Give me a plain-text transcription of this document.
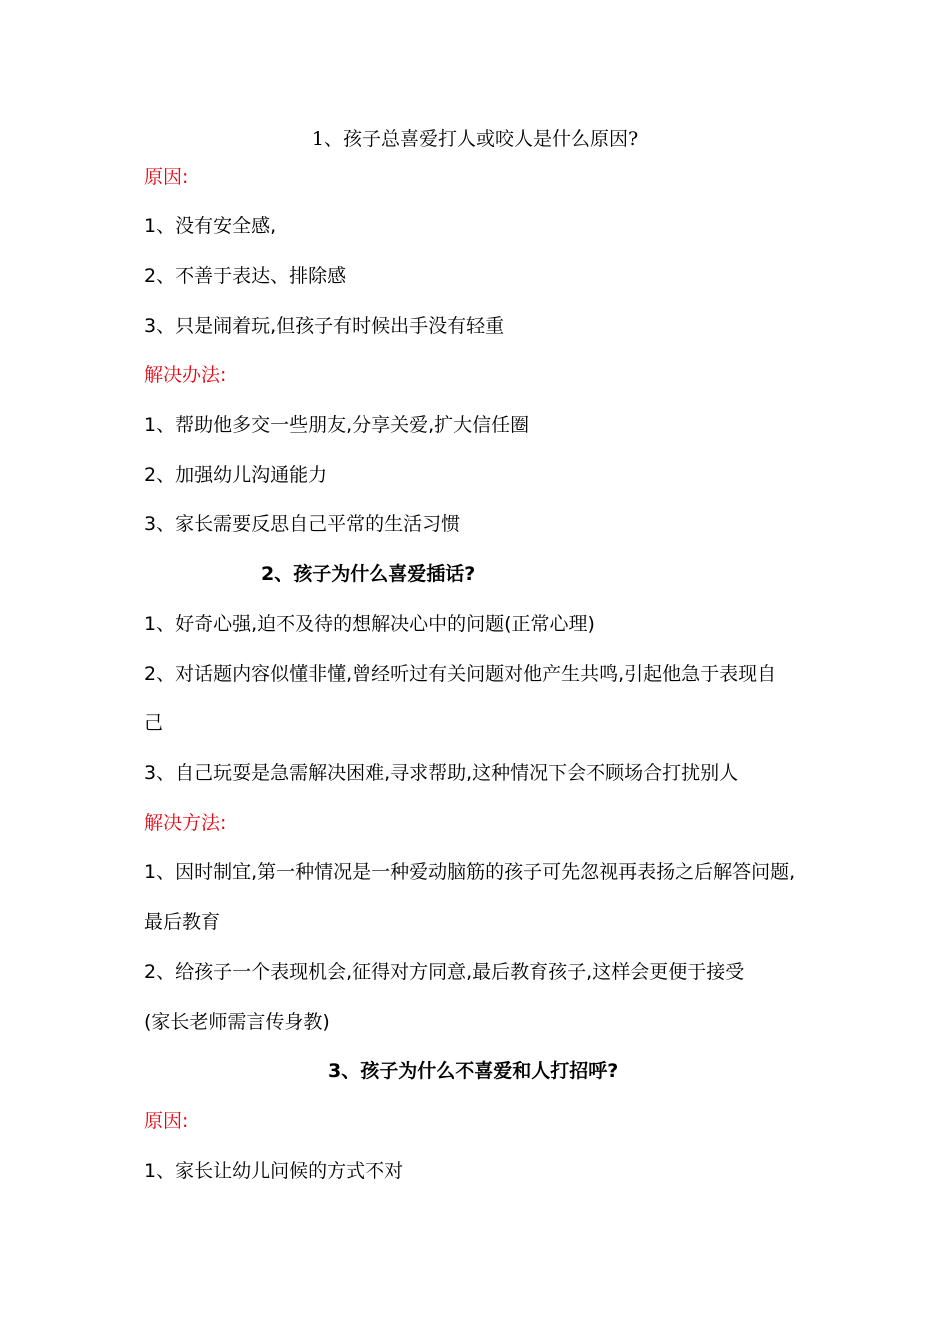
1、孩子总喜爱打人或咬人是什么原因?
原因:
1、没有安全感,
2、不善于表达、排除感
3、只是闹着玩,但孩子有时候出手没有轻重
解决办法:
1、帮助他多交一些朋友,分享关爱,扩大信任圈
2、加强幼儿沟通能力
3、家长需要反思自己平常的生活习惯
2、孩子为什么喜爱插话?
1、好奇心强,迫不及待的想解决心中的问题(正常心理)
2、对话题内容似懂非懂,曾经听过有关问题对他产生共鸣,引起他急于表现自
己
3、自己玩耍是急需解决困难,寻求帮助,这种情况下会不顾场合打扰别人
解决方法:
1、因时制宜,第一种情况是一种爱动脑筋的孩子可先忽视再表扬之后解答问题,
最后教育
2、给孩子一个表现机会,征得对方同意,最后教育孩子,这样会更便于接受
(家长老师需言传身教)
3、孩子为什么不喜爱和人打招呼?
原因:
1、家长让幼儿问候的方式不对
